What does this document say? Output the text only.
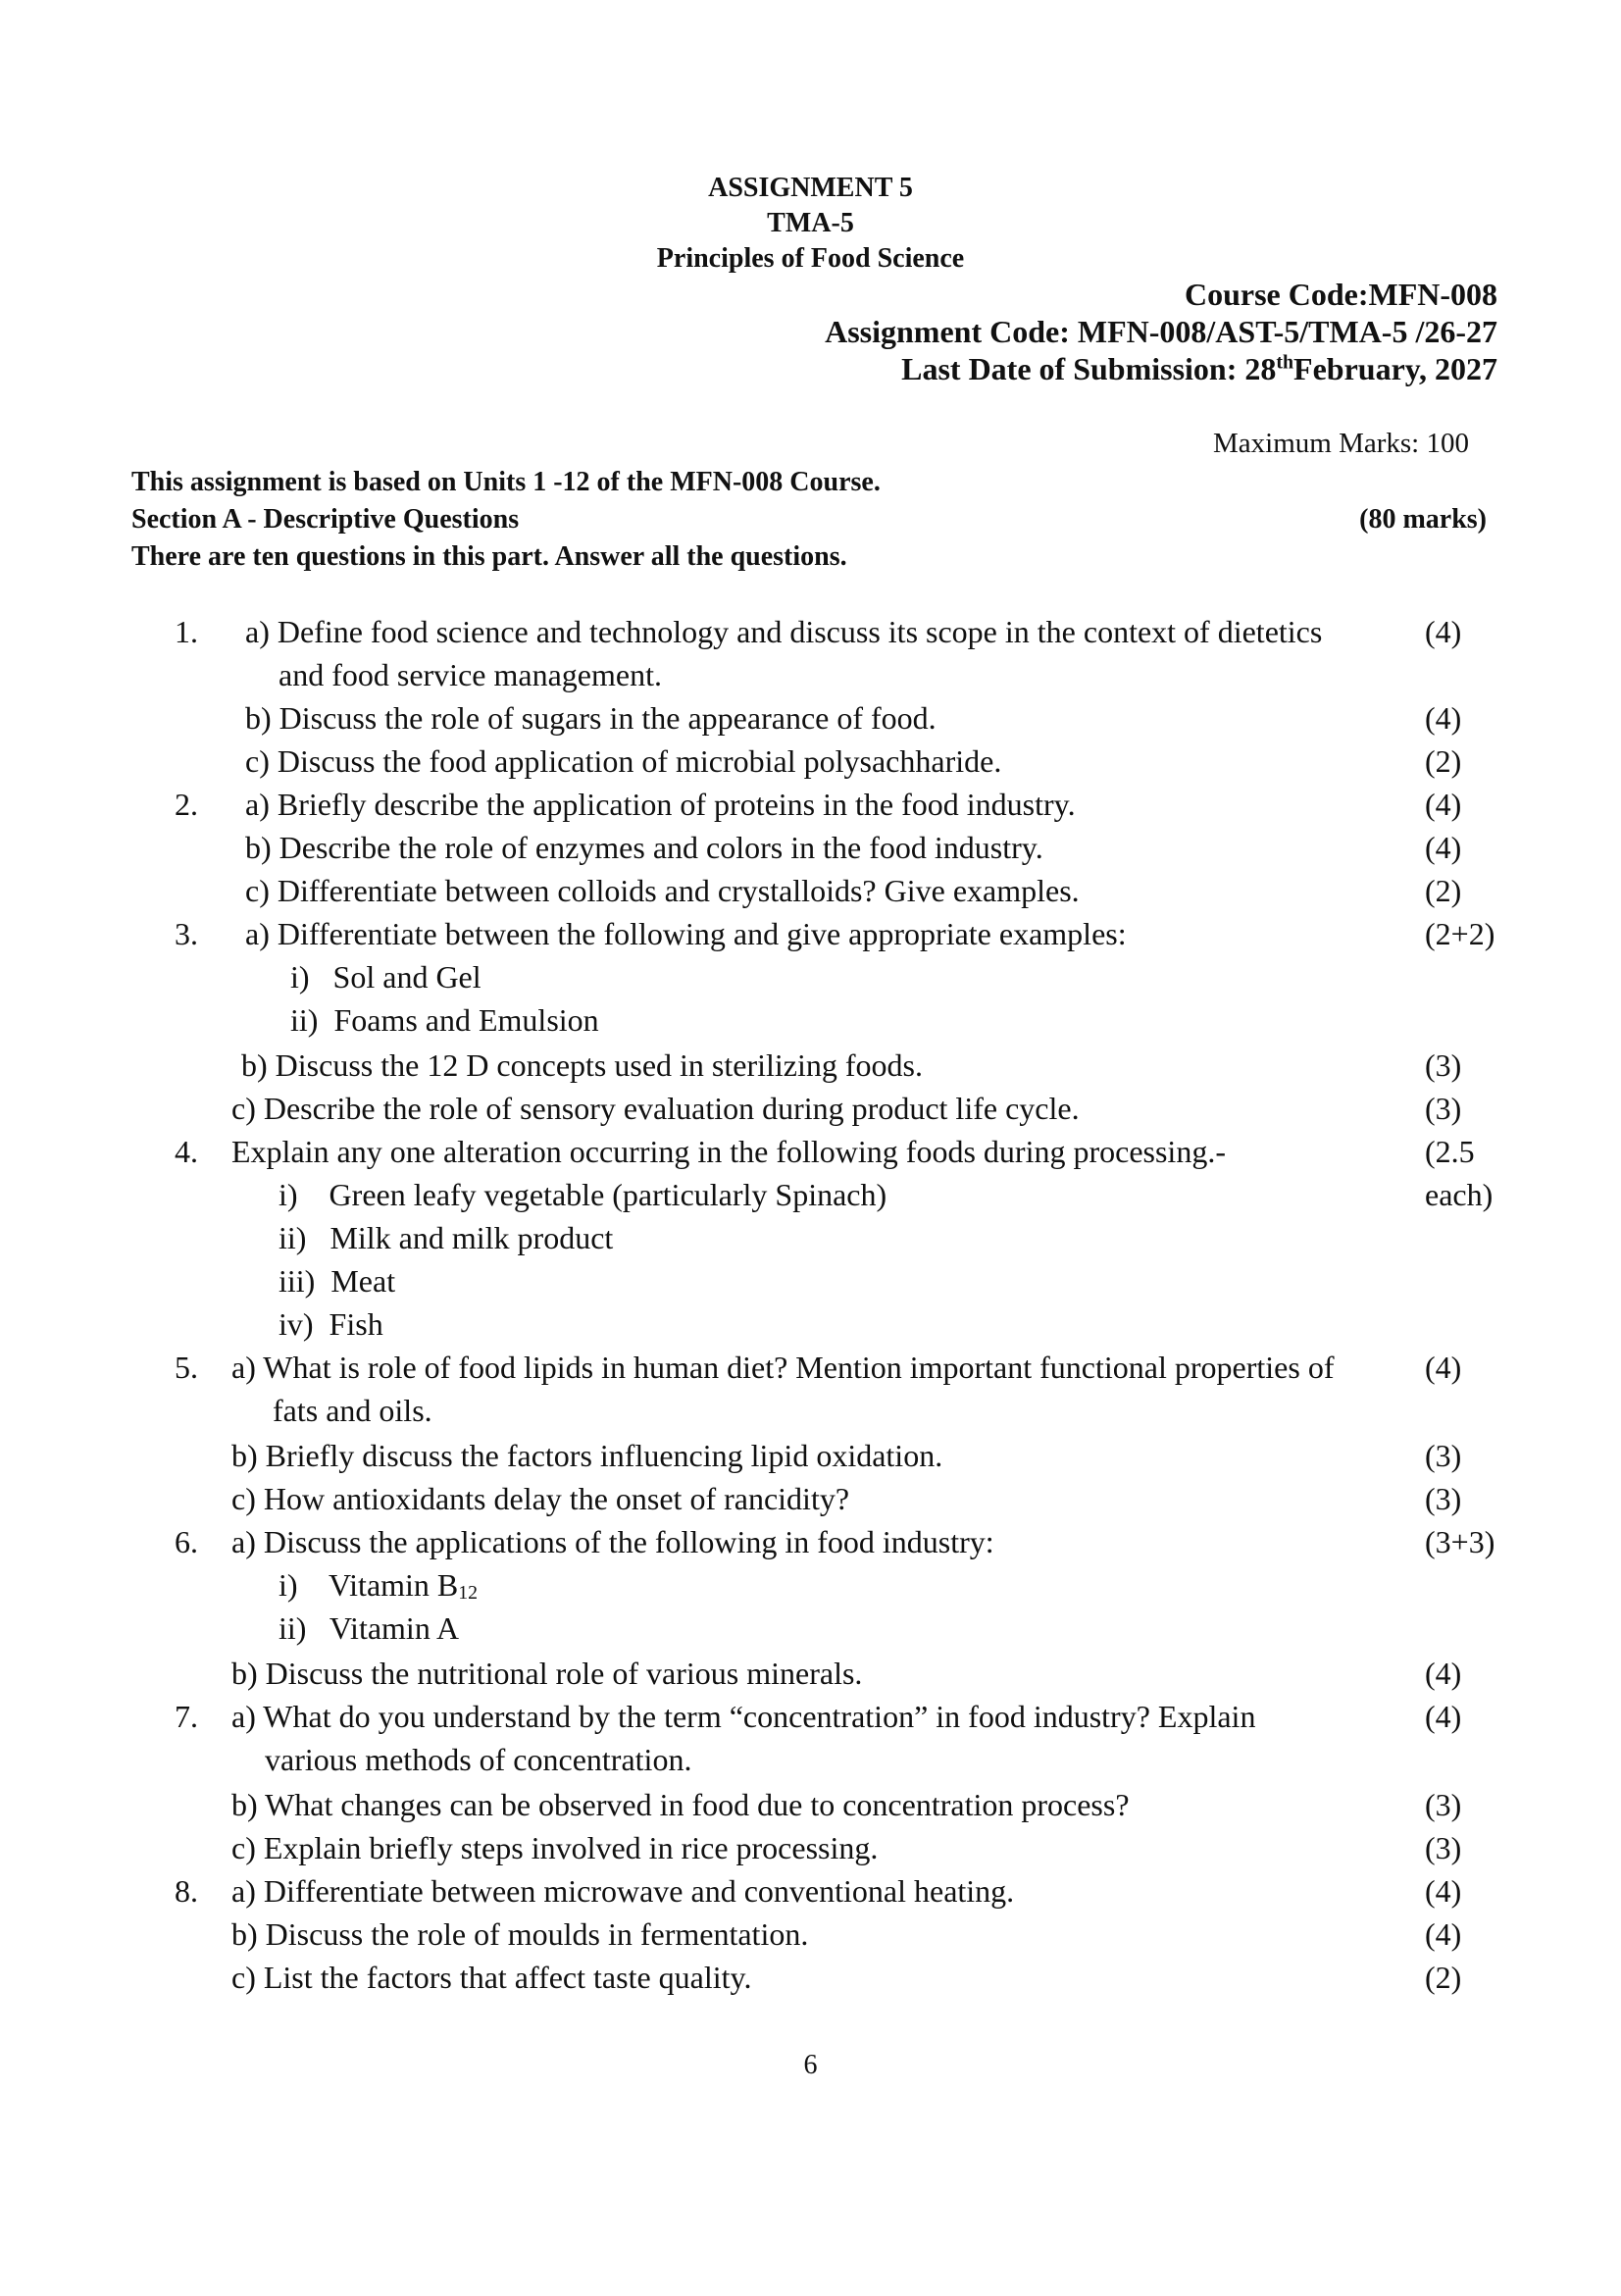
ASSIGNMENT 5
TMA-5
Principles of Food Science
Course Code:MFN-008
Assignment Code: MFN-008/AST-5/TMA-5 /26-27
Last Date of Submission: 28thFebruary, 2027
Maximum Marks: 100
This assignment is based on Units 1 -12 of the MFN-008 Course.
Section A - Descriptive Questions	(80 marks)
There are ten questions in this part. Answer all the questions.
1. a) Define food science and technology and discuss its scope in the context of dietetics	(4)
and food service management.
b) Discuss the role of sugars in the appearance of food.	(4)
c) Discuss the food application of microbial polysachharide.	(2)
2. a) Briefly describe the application of proteins in the food industry.	(4)
b) Describe the role of enzymes and colors in the food industry.	(4)
c) Differentiate between colloids and crystalloids? Give examples.	(2)
3. a) Differentiate between the following and give appropriate examples:	(2+2)
i)   Sol and Gel
ii)  Foams and Emulsion
b) Discuss the 12 D concepts used in sterilizing foods.	(3)
c) Describe the role of sensory evaluation during product life cycle.	(3)
4. Explain any one alteration occurring in the following foods during processing.-	(2.5
i)    Green leafy vegetable (particularly Spinach)	each)
ii)   Milk and milk product
iii)  Meat
iv)  Fish
5. a) What is role of food lipids in human diet? Mention important functional properties of	(4)
fats and oils.
b) Briefly discuss the factors influencing lipid oxidation.	(3)
c) How antioxidants delay the onset of rancidity?	(3)
6. a) Discuss the applications of the following in food industry:	(3+3)
i)    Vitamin $B_{12}$
ii)   Vitamin A
b) Discuss the nutritional role of various minerals.	(4)
7. a) What do you understand by the term “concentration” in food industry? Explain	(4)
various methods of concentration.
b) What changes can be observed in food due to concentration process?	(3)
c) Explain briefly steps involved in rice processing.	(3)
8. a) Differentiate between microwave and conventional heating.	(4)
b) Discuss the role of moulds in fermentation.	(4)
c) List the factors that affect taste quality.	(2)
6
